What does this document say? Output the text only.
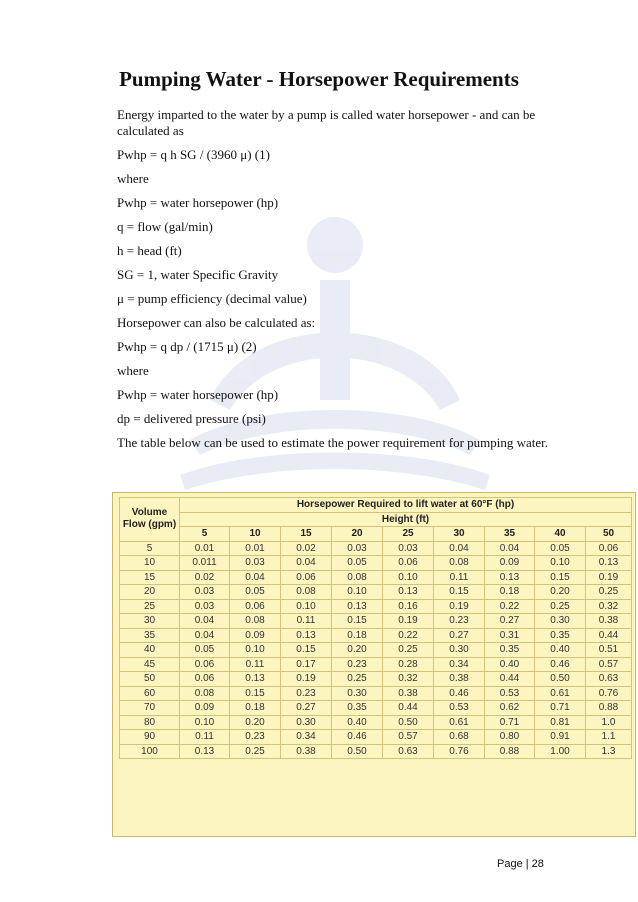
Pumping Water - Horsepower Requirements

Energy imparted to the water by a pump is called water horsepower - and can be calculated as

Pwhp = q h SG / (3960 μ) (1)

where

Pwhp = water horsepower (hp)

q = flow (gal/min)

h = head (ft)

SG = 1, water Specific Gravity

μ = pump efficiency (decimal value)

Horsepower can also be calculated as:

Pwhp = q dp / (1715 μ) (2)

where

Pwhp = water horsepower (hp)

dp = delivered pressure (psi)

The table below can be used to estimate the power requirement for pumping water.

Volume Flow (gpm)	Horsepower Required to lift water at 60°F (hp)								
	Height (ft)								
	5	10	15	20	25	30	35	40	50
5	0.01	0.01	0.02	0.03	0.03	0.04	0.04	0.05	0.06
10	0.011	0.03	0.04	0.05	0.06	0.08	0.09	0.10	0.13
15	0.02	0.04	0.06	0.08	0.10	0.11	0.13	0.15	0.19
20	0.03	0.05	0.08	0.10	0.13	0.15	0.18	0.20	0.25
25	0.03	0.06	0.10	0.13	0.16	0.19	0.22	0.25	0.32
30	0.04	0.08	0.11	0.15	0.19	0.23	0.27	0.30	0.38
35	0.04	0.09	0.13	0.18	0.22	0.27	0.31	0.35	0.44
40	0.05	0.10	0.15	0.20	0.25	0.30	0.35	0.40	0.51
45	0.06	0.11	0.17	0.23	0.28	0.34	0.40	0.46	0.57
50	0.06	0.13	0.19	0.25	0.32	0.38	0.44	0.50	0.63
60	0.08	0.15	0.23	0.30	0.38	0.46	0.53	0.61	0.76
70	0.09	0.18	0.27	0.35	0.44	0.53	0.62	0.71	0.88
80	0.10	0.20	0.30	0.40	0.50	0.61	0.71	0.81	1.0
90	0.11	0.23	0.34	0.46	0.57	0.68	0.80	0.91	1.1
100	0.13	0.25	0.38	0.50	0.63	0.76	0.88	1.00	1.3
Page | 28
